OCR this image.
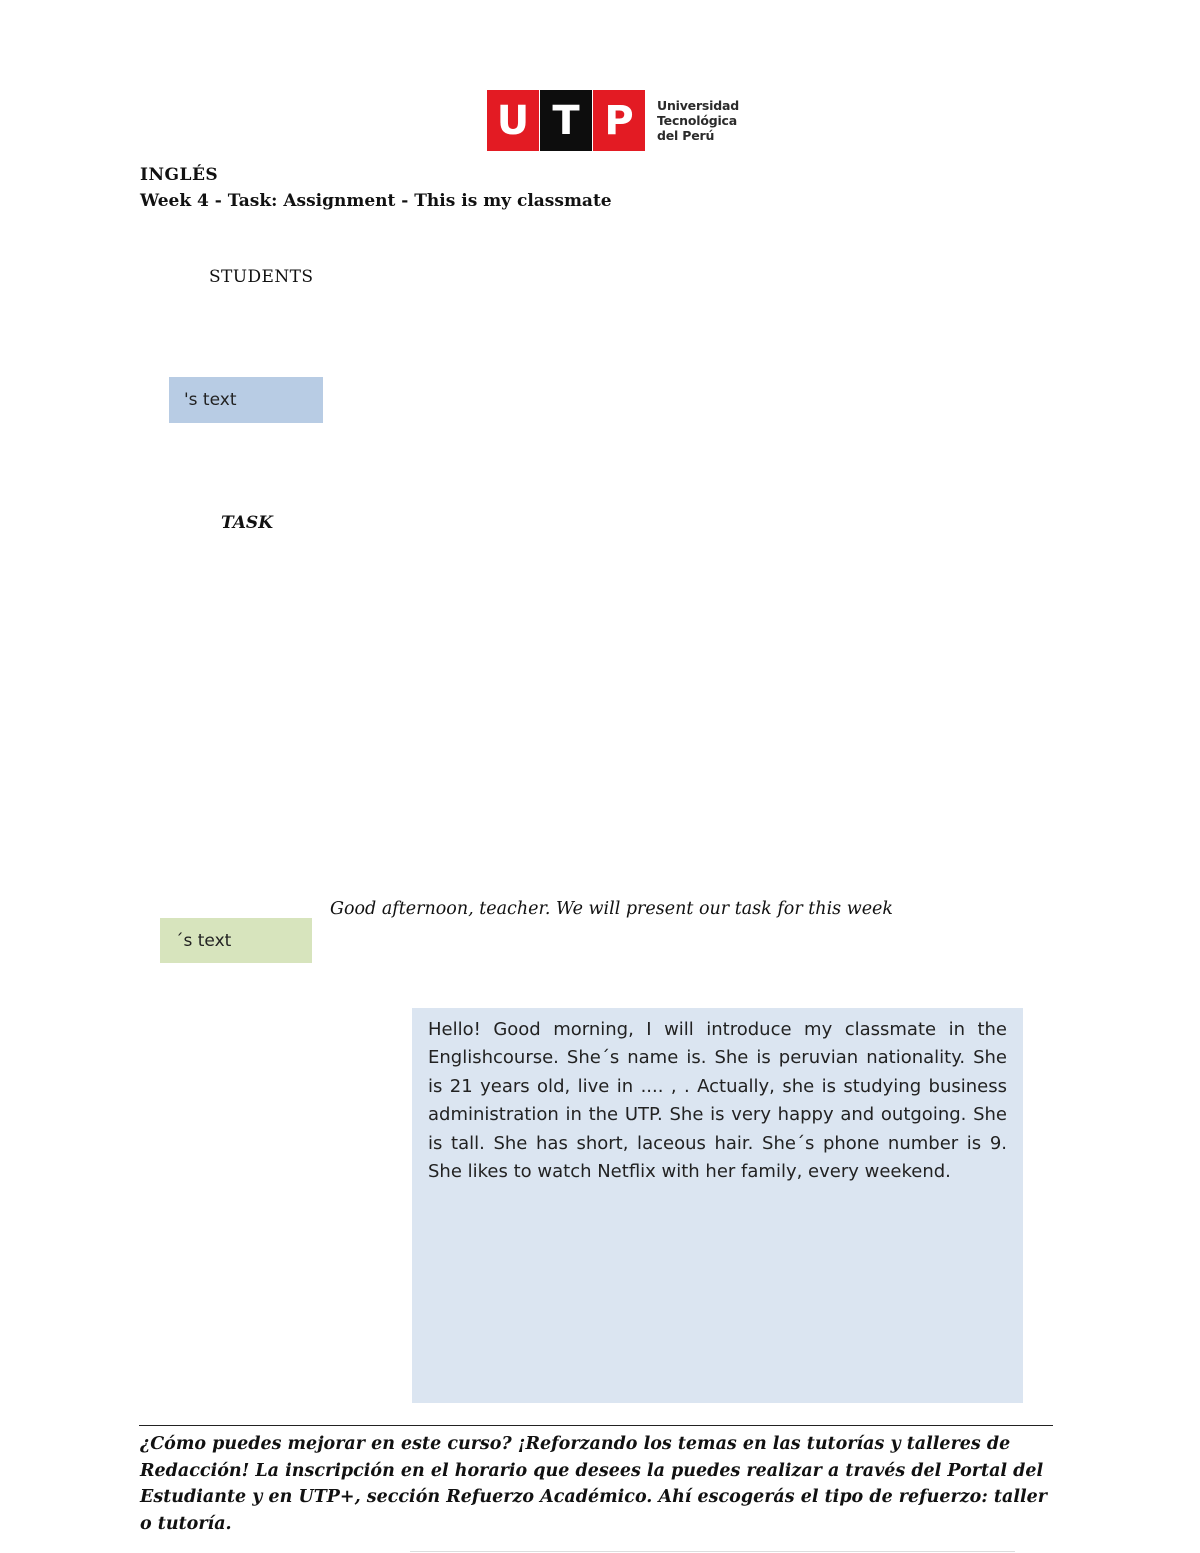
U T P	Universidad
Tecnológica
del Perú
INGLÉS
Week 4 - Task: Assignment - This is my classmate
STUDENTS
's text
TASK
Good afternoon, teacher. We will present our task for this week
´s text

Hello! Good morning, I will introduce my classmate in the Englishcourse. She´s name is. She is peruvian nationality. She is 21 years old, live in .... , . Actually, she is studying business administration in the UTP. She is very happy and outgoing. She is tall. She has short, laceous hair. She´s phone number is 9. She likes to watch Netflix with her family, every weekend.

¿Cómo puedes mejorar en este curso? ¡Reforzando los temas en las tutorías y talleres de Redacción! La inscripción en el horario que desees la puedes realizar a través del Portal del Estudiante y en UTP+, sección Refuerzo Académico. Ahí escogerás el tipo de refuerzo: taller o tutoría.
